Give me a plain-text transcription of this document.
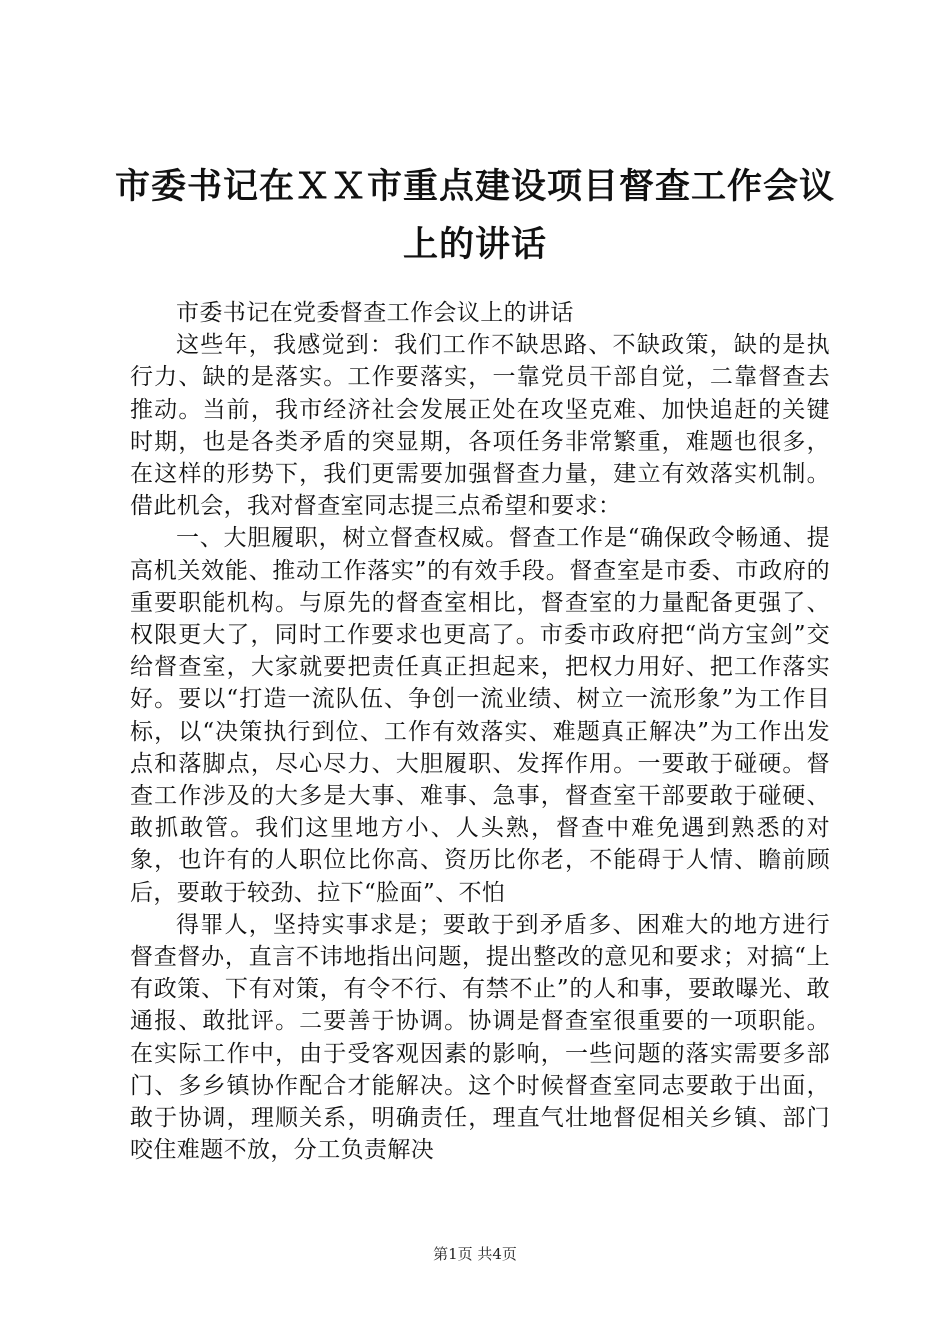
市委书记在ＸＸ市重点建设项目督查工作会议
上的讲话

市委书记在党委督查工作会议上的讲话

这些年，我感觉到：我们工作不缺思路、不缺政策，缺的是执行力、缺的是落实。工作要落实，一靠党员干部自觉，二靠督查去推动。当前，我市经济社会发展正处在攻坚克难、加快追赶的关键时期，也是各类矛盾的突显期，各项任务非常繁重，难题也很多，在这样的形势下，我们更需要加强督查力量，建立有效落实机制。借此机会，我对督查室同志提三点希望和要求：

一、大胆履职，树立督查权威。督查工作是“确保政令畅通、提高机关效能、推动工作落实”的有效手段。督查室是市委、市政府的重要职能机构。与原先的督查室相比，督查室的力量配备更强了、权限更大了，同时工作要求也更高了。市委市政府把“尚方宝剑”交给督查室，大家就要把责任真正担起来，把权力用好、把工作落实好。要以“打造一流队伍、争创一流业绩、树立一流形象”为工作目标，以“决策执行到位、工作有效落实、难题真正解决”为工作出发点和落脚点，尽心尽力、大胆履职、发挥作用。一要敢于碰硬。督查工作涉及的大多是大事、难事、急事，督查室干部要敢于碰硬、敢抓敢管。我们这里地方小、人头熟，督查中难免遇到熟悉的对象，也许有的人职位比你高、资历比你老，不能碍于人情、瞻前顾后，要敢于较劲、拉下“脸面”、不怕

得罪人，坚持实事求是；要敢于到矛盾多、困难大的地方进行督查督办，直言不讳地指出问题，提出整改的意见和要求；对搞“上有政策、下有对策，有令不行、有禁不止”的人和事，要敢曝光、敢通报、敢批评。二要善于协调。协调是督查室很重要的一项职能。在实际工作中，由于受客观因素的影响，一些问题的落实需要多部门、多乡镇协作配合才能解决。这个时候督查室同志要敢于出面，敢于协调，理顺关系，明确责任，理直气壮地督促相关乡镇、部门咬住难题不放，分工负责解决

第1页 共4页
